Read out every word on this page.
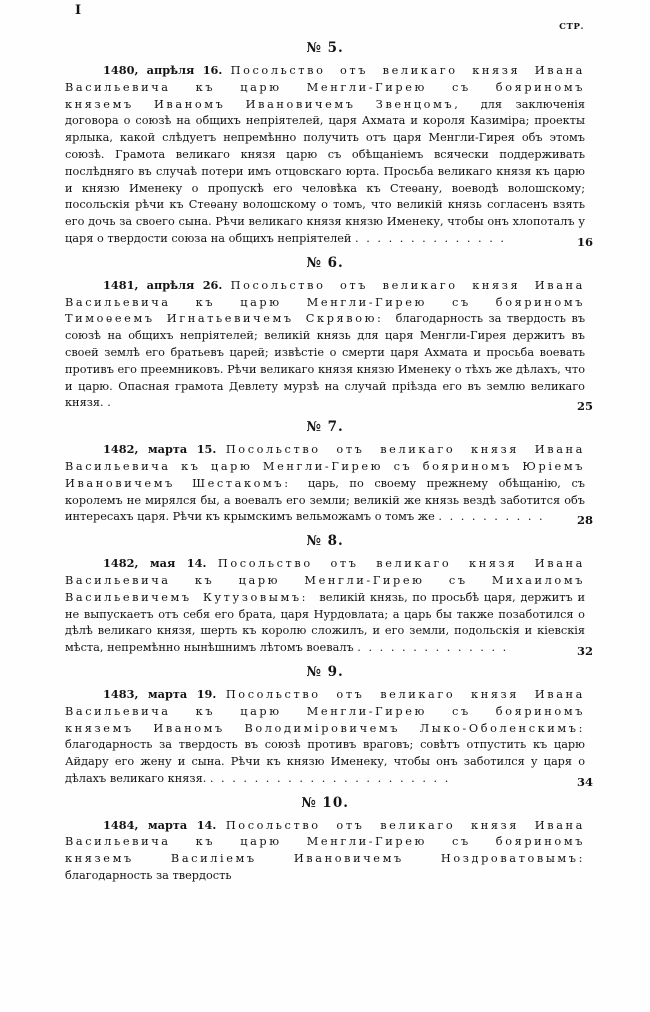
I
СТР.
№ 5.

1480, апрѣля 16. Посольство отъ великаго князя Ивана Васильевича къ царю Менгли-Гирею съ бояриномъ княземъ Иваномъ Ивановичемъ Звенцомъ, для заключенія договора о союзѣ на общихъ непріятелей, царя Ахмата и короля Казиміра; проекты ярлыка, какой слѣдуетъ непремѣнно получить отъ царя Менгли-Гирея объ этомъ союзѣ. Грамота великаго князя царю съ обѣщаніемъ всячески поддерживать послѣдняго въ случаѣ потери имъ отцовскаго юрта. Просьба великаго князя къ царю и князю Именеку о пропускѣ его человѣка къ Стеѳану, воеводѣ волошскому; посольскія рѣчи къ Стеѳану волошскому о томъ, что великій князь согласенъ взять его дочь за своего сына. Рѣчи великаго князя князю Именеку, чтобы онъ хлопоталъ у царя о твердости союза на общихъ непріятелей . . . . . . . . . . . . . .	16
№ 6.

1481, апрѣля 26. Посольство отъ великаго князя Ивана Васильевича къ царю Менгли-Гирею съ бояриномъ Тимоѳеемъ Игнатьевичемъ Скрявою: благодарность за твердость въ союзѣ на общихъ непріятелей; великій князь для царя Менгли-Гирея держитъ въ своей землѣ его братьевъ царей; извѣстіе о смерти царя Ахмата и просьба воевать противъ его преемниковъ. Рѣчи великаго князя князю Именеку о тѣхъ же дѣлахъ, что и царю. Опасная грамота Девлету мурзѣ на случай пріѣзда его въ землю великаго князя. .	25
№ 7.

1482, марта 15. Посольство отъ великаго князя Ивана Васильевича къ царю Менгли-Гирею съ бояриномъ Юріемъ Ивановичемъ Шестакомъ: царь, по своему прежнему обѣщанію, съ королемъ не мирялся бы, а воевалъ его земли; великій же князь вездѣ заботится объ интересахъ царя. Рѣчи къ крымскимъ вельможамъ о томъ же . . . . . . . . . .	28
№ 8.

1482, мая 14. Посольство отъ великаго князя Ивана Васильевича къ царю Менгли-Гирею съ Михаиломъ Васильевичемъ Кутузовымъ: великій князь, по просьбѣ царя, держитъ и не выпускаетъ отъ себя его брата, царя Нурдовлата; а царь бы также позаботился о дѣлѣ великаго князя, шерть къ королю сложилъ, и его земли, подольскія и кіевскія мѣста, непремѣнно нынѣшнимъ лѣтомъ воевалъ . . . . . . . . . . . . . .	32
№ 9.

1483, марта 19. Посольство отъ великаго князя Ивана Васильевича къ царю Менгли-Гирею съ бояриномъ княземъ Иваномъ Володиміровичемъ Лыко-Оболенскимъ: благодарность за твердость въ союзѣ противъ враговъ; совѣтъ отпустить къ царю Айдару его жену и сына. Рѣчи къ князю Именеку, чтобы онъ заботился у царя о дѣлахъ великаго князя. . . . . . . . . . . . . . . . . . . . . . .	34
№ 10.

1484, марта 14. Посольство отъ великаго князя Ивана Васильевича къ царю Менгли-Гирею съ бояриномъ княземъ Василіемъ Ивановичемъ Ноздроватовымъ: благодарность за твердость
